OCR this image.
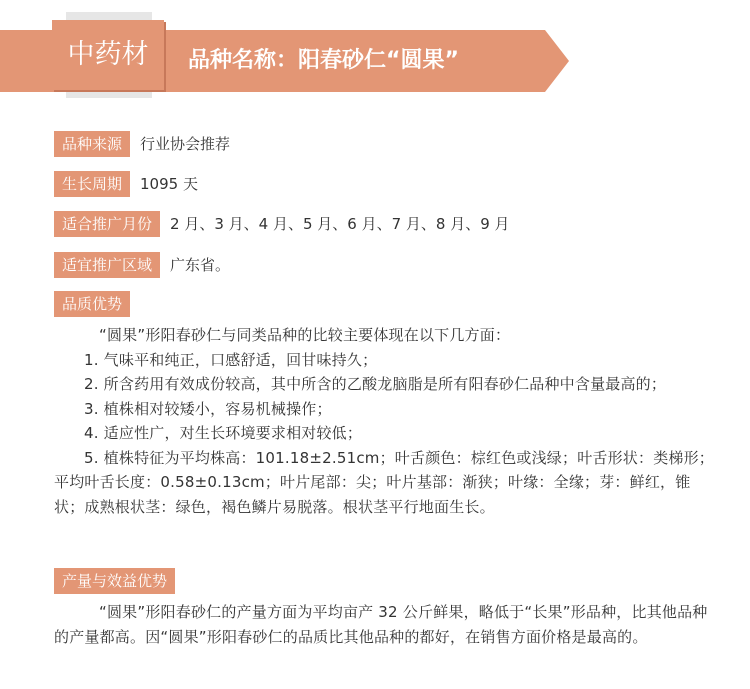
品种名称：阳春砂仁“圆果”
中药材
品种来源 行业协会推荐
生长周期 1095 天
适合推广月份 2 月、3 月、4 月、5 月、6 月、7 月、8 月、9 月
适宜推广区域 广东省。
品质优势

“圆果”形阳春砂仁与同类品种的比较主要体现在以下几方面：

1. 气味平和纯正，口感舒适，回甘味持久；

2. 所含药用有效成份较高，其中所含的乙酸龙脑脂是所有阳春砂仁品种中含量最高的；

3. 植株相对较矮小，容易机械操作；

4. 适应性广，对生长环境要求相对较低；

5. 植株特征为平均株高：101.18±2.51cm；叶舌颜色：棕红色或浅绿；叶舌形状：类梯形；平均叶舌长度：0.58±0.13cm；叶片尾部：尖；叶片基部：渐狭；叶缘：全缘；芽：鲜红，锥状；成熟根状茎：绿色，褐色鳞片易脱落。根状茎平行地面生长。

产量与效益优势

“圆果”形阳春砂仁的产量方面为平均亩产 32 公斤鲜果，略低于“长果”形品种，比其他品种的产量都高。因“圆果”形阳春砂仁的品质比其他品种的都好，在销售方面价格是最高的。
